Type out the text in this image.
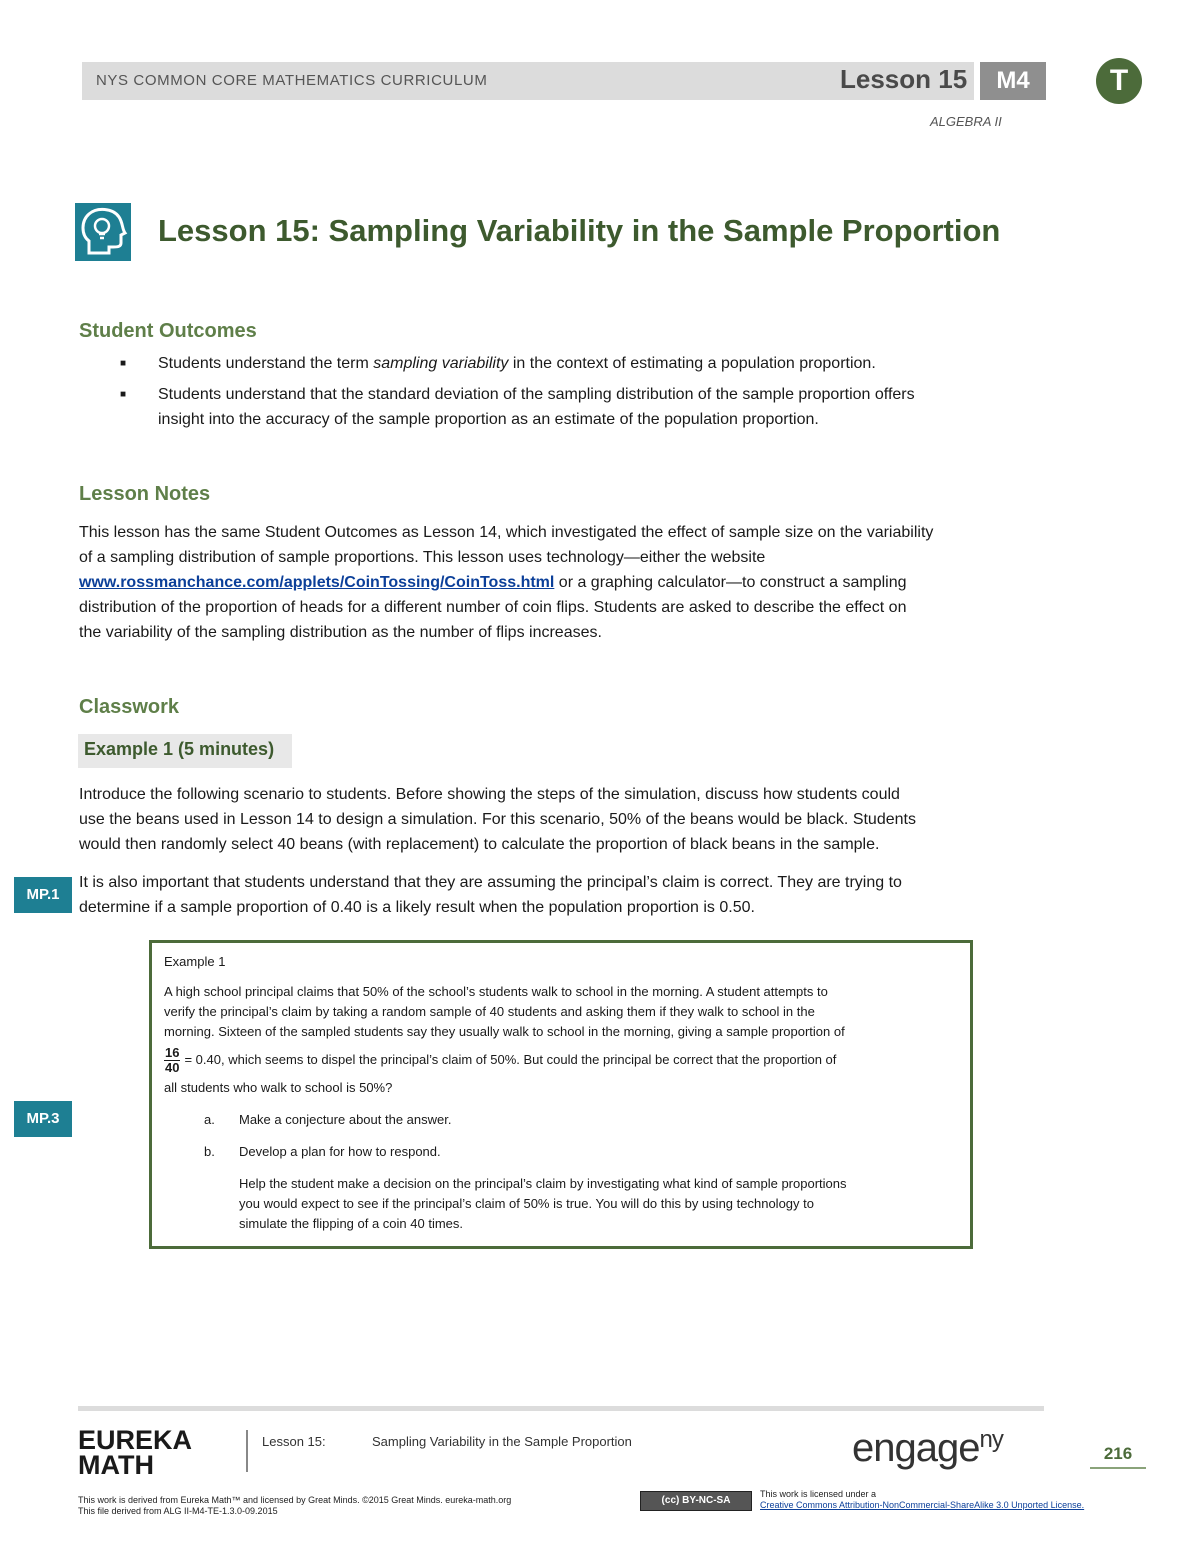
NYS COMMON CORE MATHEMATICS CURRICULUM	Lesson 15	M4	T
ALGEBRA II
Lesson 15: Sampling Variability in the Sample Proportion
Student Outcomes
■ Students understand the term sampling variability in the context of estimating a population proportion.
■ Students understand that the standard deviation of the sampling distribution of the sample proportion offers
insight into the accuracy of the sample proportion as an estimate of the population proportion.
Lesson Notes
This lesson has the same Student Outcomes as Lesson 14, which investigated the effect of sample size on the variability
of a sampling distribution of sample proportions. This lesson uses technology—either the website
www.rossmanchance.com/applets/CoinTossing/CoinToss.html or a graphing calculator—to construct a sampling
distribution of the proportion of heads for a different number of coin flips. Students are asked to describe the effect on
the variability of the sampling distribution as the number of flips increases.
Classwork
Example 1 (5 minutes)
Introduce the following scenario to students. Before showing the steps of the simulation, discuss how students could
use the beans used in Lesson 14 to design a simulation. For this scenario, 50% of the beans would be black. Students
would then randomly select 40 beans (with replacement) to calculate the proportion of black beans in the sample.
It is also important that students understand that they are assuming the principal’s claim is correct. They are trying to
determine if a sample proportion of 0.40 is a likely result when the population proportion is 0.50.
MP.1
MP.3
Example 1
A high school principal claims that 50% of the school’s students walk to school in the morning. A student attempts to
verify the principal’s claim by taking a random sample of 40 students and asking them if they walk to school in the
morning. Sixteen of the sampled students say they usually walk to school in the morning, giving a sample proportion of
$\frac{16}{40} = 0.40$, which seems to dispel the principal’s claim of 50%. But could the principal be correct that the proportion of
all students who walk to school is 50%?
a.	Make a conjecture about the answer.
b.	Develop a plan for how to respond.
Help the student make a decision on the principal’s claim by investigating what kind of sample proportions
you would expect to see if the principal’s claim of 50% is true. You will do this by using technology to
simulate the flipping of a coin 40 times.
EUREKA
MATH
Lesson 15:	Sampling Variability in the Sample Proportion	engage$^{ny}$
216
This work is derived from Eureka Math™ and licensed by Great Minds. ©2015 Great Minds. eureka-math.org
This file derived from ALG II-M4-TE-1.3.0-09.2015
(cc) BY-NC-SA
This work is licensed under a
Creative Commons Attribution-NonCommercial-ShareAlike 3.0 Unported License.
